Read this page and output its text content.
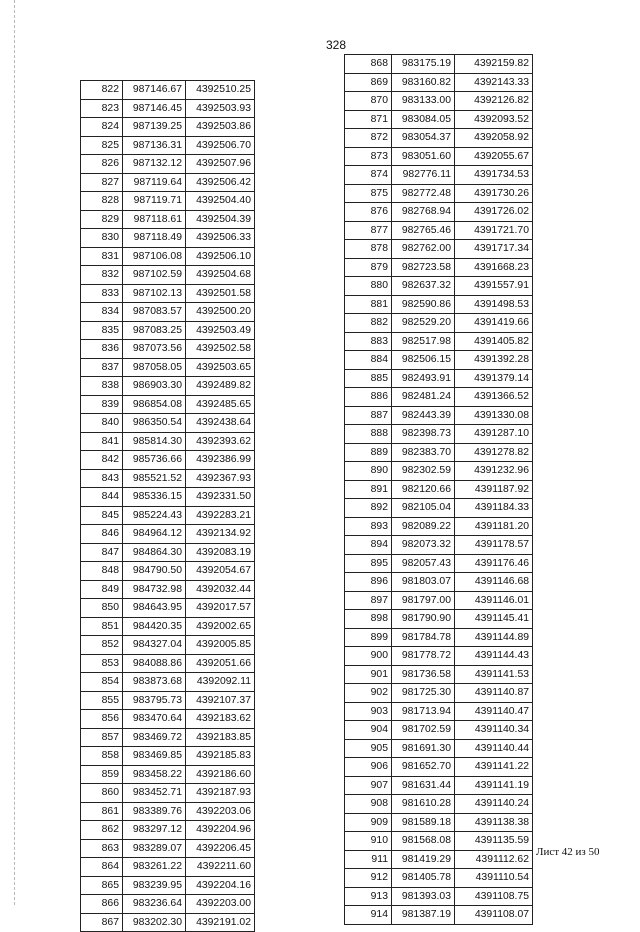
328
822	987146.67	4392510.25
823	987146.45	4392503.93
824	987139.25	4392503.86
825	987136.31	4392506.70
826	987132.12	4392507.96
827	987119.64	4392506.42
828	987119.71	4392504.40
829	987118.61	4392504.39
830	987118.49	4392506.33
831	987106.08	4392506.10
832	987102.59	4392504.68
833	987102.13	4392501.58
834	987083.57	4392500.20
835	987083.25	4392503.49
836	987073.56	4392502.58
837	987058.05	4392503.65
838	986903.30	4392489.82
839	986854.08	4392485.65
840	986350.54	4392438.64
841	985814.30	4392393.62
842	985736.66	4392386.99
843	985521.52	4392367.93
844	985336.15	4392331.50
845	985224.43	4392283.21
846	984964.12	4392134.92
847	984864.30	4392083.19
848	984790.50	4392054.67
849	984732.98	4392032.44
850	984643.95	4392017.57
851	984420.35	4392002.65
852	984327.04	4392005.85
853	984088.86	4392051.66
854	983873.68	4392092.11
855	983795.73	4392107.37
856	983470.64	4392183.62
857	983469.72	4392183.85
858	983469.85	4392185.83
859	983458.22	4392186.60
860	983452.71	4392187.93
861	983389.76	4392203.06
862	983297.12	4392204.96
863	983289.07	4392206.45
864	983261.22	4392211.60
865	983239.95	4392204.16
866	983236.64	4392203.00
867	983202.30	4392191.02
868	983175.19	4392159.82
869	983160.82	4392143.33
870	983133.00	4392126.82
871	983084.05	4392093.52
872	983054.37	4392058.92
873	983051.60	4392055.67
874	982776.11	4391734.53
875	982772.48	4391730.26
876	982768.94	4391726.02
877	982765.46	4391721.70
878	982762.00	4391717.34
879	982723.58	4391668.23
880	982637.32	4391557.91
881	982590.86	4391498.53
882	982529.20	4391419.66
883	982517.98	4391405.82
884	982506.15	4391392.28
885	982493.91	4391379.14
886	982481.24	4391366.52
887	982443.39	4391330.08
888	982398.73	4391287.10
889	982383.70	4391278.82
890	982302.59	4391232.96
891	982120.66	4391187.92
892	982105.04	4391184.33
893	982089.22	4391181.20
894	982073.32	4391178.57
895	982057.43	4391176.46
896	981803.07	4391146.68
897	981797.00	4391146.01
898	981790.90	4391145.41
899	981784.78	4391144.89
900	981778.72	4391144.43
901	981736.58	4391141.53
902	981725.30	4391140.87
903	981713.94	4391140.47
904	981702.59	4391140.34
905	981691.30	4391140.44
906	981652.70	4391141.22
907	981631.44	4391141.19
908	981610.28	4391140.24
909	981589.18	4391138.38
910	981568.08	4391135.59
911	981419.29	4391112.62
912	981405.78	4391110.54
913	981393.03	4391108.75
914	981387.19	4391108.07
Лист 42 из 50
